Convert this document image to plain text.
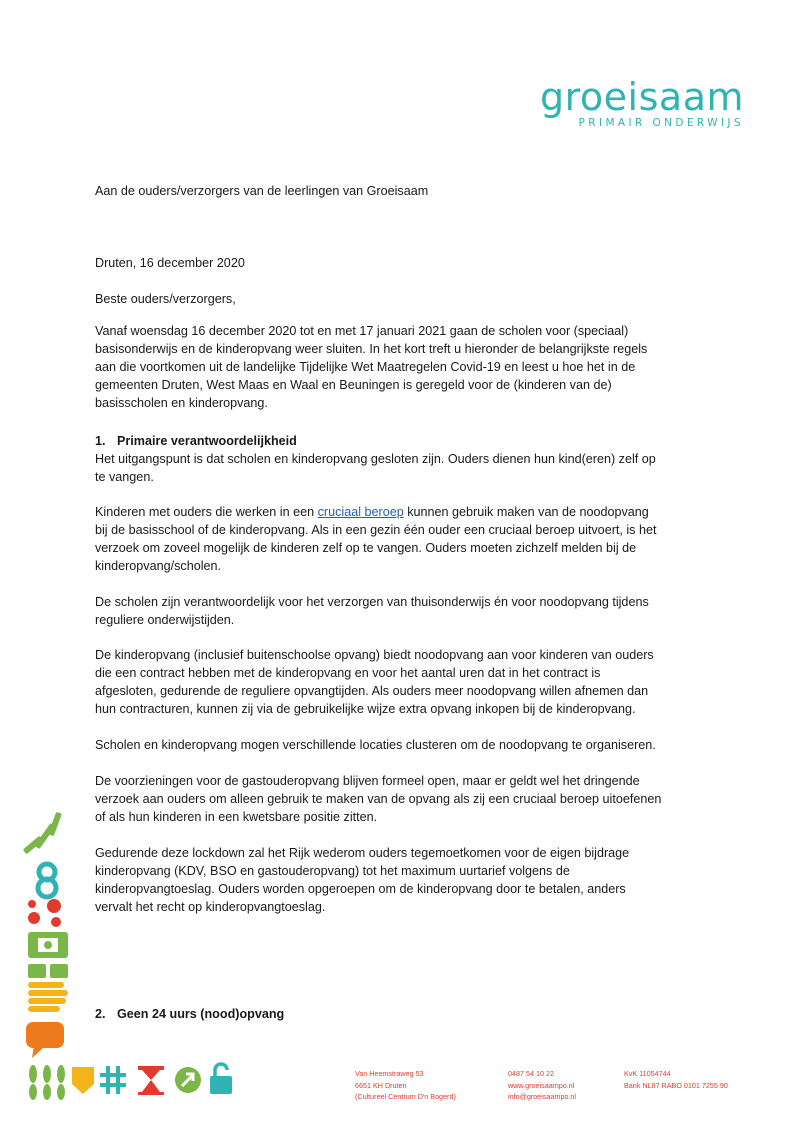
groeisaam
PRIMAIR ONDERWIJS
Aan de ouders/verzorgers van de leerlingen van Groeisaam
Druten, 16 december 2020
Beste ouders/verzorgers,
Vanaf woensdag 16 december 2020 tot en met 17 januari 2021 gaan de scholen voor (speciaal)
basisonderwijs en de kinderopvang weer sluiten. In het kort treft u hieronder de belangrijkste regels
aan die voortkomen uit de landelijke Tijdelijke Wet Maatregelen Covid-19 en leest u hoe het in de
gemeenten Druten, West Maas en Waal en Beuningen is geregeld voor de (kinderen van de)
basisscholen en kinderopvang.
1. Primaire verantwoordelijkheid
Het uitgangspunt is dat scholen en kinderopvang gesloten zijn. Ouders dienen hun kind(eren) zelf op
te vangen.
Kinderen met ouders die werken in een cruciaal beroep kunnen gebruik maken van de noodopvang
bij de basisschool of de kinderopvang. Als in een gezin één ouder een cruciaal beroep uitvoert, is het
verzoek om zoveel mogelijk de kinderen zelf op te vangen. Ouders moeten zichzelf melden bij de
kinderopvang/scholen.
De scholen zijn verantwoordelijk voor het verzorgen van thuisonderwijs én voor noodopvang tijdens
reguliere onderwijstijden.
De kinderopvang (inclusief buitenschoolse opvang) biedt noodopvang aan voor kinderen van ouders
die een contract hebben met de kinderopvang en voor het aantal uren dat in het contract is
afgesloten, gedurende de reguliere opvangtijden. Als ouders meer noodopvang willen afnemen dan
hun contracturen, kunnen zij via de gebruikelijke wijze extra opvang inkopen bij de kinderopvang.
Scholen en kinderopvang mogen verschillende locaties clusteren om de noodopvang te organiseren.
De voorzieningen voor de gastouderopvang blijven formeel open, maar er geldt wel het dringende
verzoek aan ouders om alleen gebruik te maken van de opvang als zij een cruciaal beroep uitoefenen
of als hun kinderen in een kwetsbare positie zitten.
Gedurende deze lockdown zal het Rijk wederom ouders tegemoetkomen voor de eigen bijdrage
kinderopvang (KDV, BSO en gastouderopvang) tot het maximum uurtarief volgens de
kinderopvangtoeslag. Ouders worden opgeroepen om de kinderopvang door te betalen, anders
vervalt het recht op kinderopvangtoeslag.
2. Geen 24 uurs (nood)opvang
Van Heemstraweg 53
6651 KH Druten
(Cultureel Centrum D'n Bogerd)
0487 54 10 22
www.groeisaampo.nl
info@groeisaampo.nl
KvK 11054744
Bank NL87 RABO 0101 7255 90
